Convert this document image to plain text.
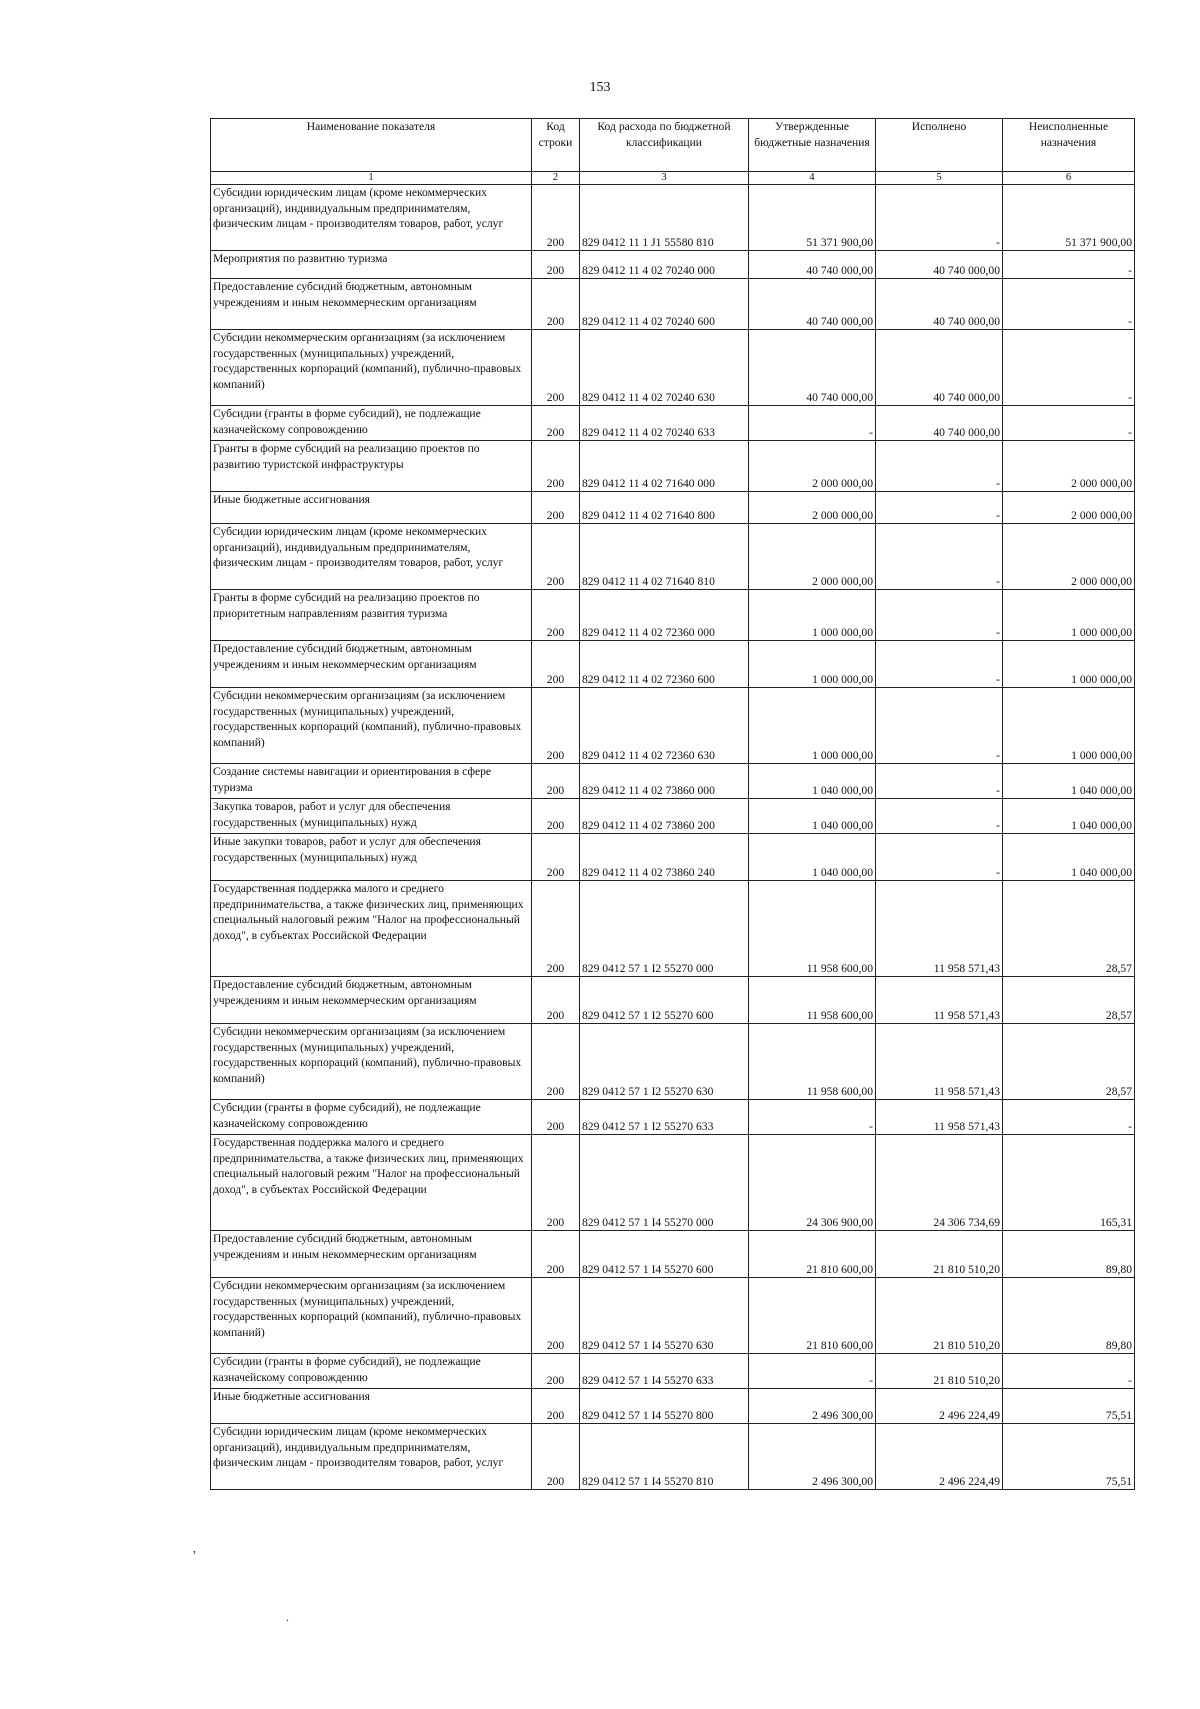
153
Наименование показателя	Код строки	Код расхода по бюджетной классификации	Утвержденные бюджетные назначения	Исполнено	Неисполненные назначения
1	2	3	4	5	6
Субсидии юридическим лицам (кроме некоммерческих организаций), индивидуальным предпринимателям, физическим лицам - производителям товаров, работ, услуг	200	829 0412 11 1 J1 55580 810	51 371 900,00	-	51 371 900,00
Мероприятия по развитию туризма	200	829 0412 11 4 02 70240 000	40 740 000,00	40 740 000,00	-
Предоставление субсидий бюджетным, автономным учреждениям и иным некоммерческим организациям	200	829 0412 11 4 02 70240 600	40 740 000,00	40 740 000,00	-
Субсидии некоммерческим организациям (за исключением государственных (муниципальных) учреждений, государственных корпораций (компаний), публично-правовых компаний)	200	829 0412 11 4 02 70240 630	40 740 000,00	40 740 000,00	-
Субсидии (гранты в форме субсидий), не подлежащие казначейскому сопровождению	200	829 0412 11 4 02 70240 633	-	40 740 000,00	-
Гранты в форме субсидий на реализацию проектов по развитию туристской инфраструктуры	200	829 0412 11 4 02 71640 000	2 000 000,00	-	2 000 000,00
Иные бюджетные ассигнования	200	829 0412 11 4 02 71640 800	2 000 000,00	-	2 000 000,00
Субсидии юридическим лицам (кроме некоммерческих организаций), индивидуальным предпринимателям, физическим лицам - производителям товаров, работ, услуг	200	829 0412 11 4 02 71640 810	2 000 000,00	-	2 000 000,00
Гранты в форме субсидий на реализацию проектов по приоритетным направлениям развития туризма	200	829 0412 11 4 02 72360 000	1 000 000,00	-	1 000 000,00
Предоставление субсидий бюджетным, автономным учреждениям и иным некоммерческим организациям	200	829 0412 11 4 02 72360 600	1 000 000,00	-	1 000 000,00
Субсидии некоммерческим организациям (за исключением государственных (муниципальных) учреждений, государственных корпораций (компаний), публично-правовых компаний)	200	829 0412 11 4 02 72360 630	1 000 000,00	-	1 000 000,00
Создание системы навигации и ориентирования в сфере туризма	200	829 0412 11 4 02 73860 000	1 040 000,00	-	1 040 000,00
Закупка товаров, работ и услуг для обеспечения государственных (муниципальных) нужд	200	829 0412 11 4 02 73860 200	1 040 000,00	-	1 040 000,00
Иные закупки товаров, работ и услуг для обеспечения государственных (муниципальных) нужд	200	829 0412 11 4 02 73860 240	1 040 000,00	-	1 040 000,00
Государственная поддержка малого и среднего предпринимательства, а также физических лиц, применяющих специальный налоговый режим "Налог на профессиональный доход", в субъектах Российской Федерации	200	829 0412 57 1 I2 55270 000	11 958 600,00	11 958 571,43	28,57
Предоставление субсидий бюджетным, автономным учреждениям и иным некоммерческим организациям	200	829 0412 57 1 I2 55270 600	11 958 600,00	11 958 571,43	28,57
Субсидии некоммерческим организациям (за исключением государственных (муниципальных) учреждений, государственных корпораций (компаний), публично-правовых компаний)	200	829 0412 57 1 I2 55270 630	11 958 600,00	11 958 571,43	28,57
Субсидии (гранты в форме субсидий), не подлежащие казначейскому сопровождению	200	829 0412 57 1 I2 55270 633	-	11 958 571,43	-
Государственная поддержка малого и среднего предпринимательства, а также физических лиц, применяющих специальный налоговый режим "Налог на профессиональный доход", в субъектах Российской Федерации	200	829 0412 57 1 I4 55270 000	24 306 900,00	24 306 734,69	165,31
Предоставление субсидий бюджетным, автономным учреждениям и иным некоммерческим организациям	200	829 0412 57 1 I4 55270 600	21 810 600,00	21 810 510,20	89,80
Субсидии некоммерческим организациям (за исключением государственных (муниципальных) учреждений, государственных корпораций (компаний), публично-правовых компаний)	200	829 0412 57 1 I4 55270 630	21 810 600,00	21 810 510,20	89,80
Субсидии (гранты в форме субсидий), не подлежащие казначейскому сопровождению	200	829 0412 57 1 I4 55270 633	-	21 810 510,20	-
Иные бюджетные ассигнования	200	829 0412 57 1 I4 55270 800	2 496 300,00	2 496 224,49	75,51
Субсидии юридическим лицам (кроме некоммерческих организаций), индивидуальным предпринимателям, физическим лицам - производителям товаров, работ, услуг	200	829 0412 57 1 I4 55270 810	2 496 300,00	2 496 224,49	75,51
,
.
